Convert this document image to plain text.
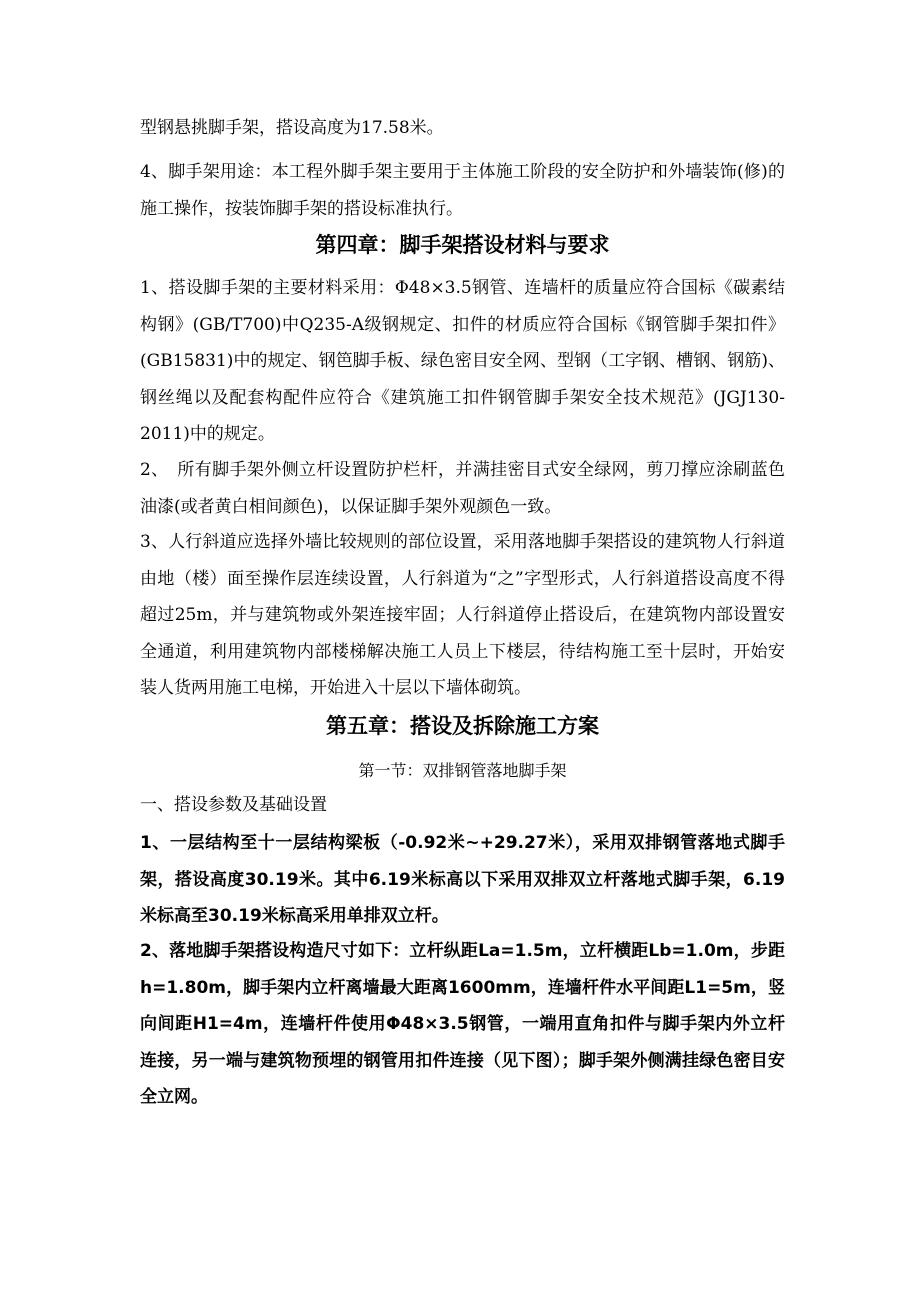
型钢悬挑脚手架，搭设高度为17.58米。

4、脚手架用途：本工程外脚手架主要用于主体施工阶段的安全防护和外墙装饰(修)的施工操作，按装饰脚手架的搭设标准执行。

第四章：脚手架搭设材料与要求

1、搭设脚手架的主要材料采用：Φ48×3.5钢管、连墙杆的质量应符合国标《碳素结构钢》(GB/T700)中Q235-A级钢规定、扣件的材质应符合国标《钢管脚手架扣件》(GB15831)中的规定、钢笆脚手板、绿色密目安全网、型钢（工字钢、槽钢、钢筋)、钢丝绳以及配套构配件应符合《建筑施工扣件钢管脚手架安全技术规范》(JGJ130-2011)中的规定。

2、　所有脚手架外侧立杆设置防护栏杆，并满挂密目式安全绿网，剪刀撑应涂刷蓝色油漆(或者黄白相间颜色)，以保证脚手架外观颜色一致。

3、人行斜道应选择外墙比较规则的部位设置，采用落地脚手架搭设的建筑物人行斜道由地（楼）面至操作层连续设置，人行斜道为“之”字型形式，人行斜道搭设高度不得超过25m，并与建筑物或外架连接牢固；人行斜道停止搭设后，在建筑物内部设置安全通道，利用建筑物内部楼梯解决施工人员上下楼层，待结构施工至十层时，开始安装人货两用施工电梯，开始进入十层以下墙体砌筑。

第五章：搭设及拆除施工方案
第一节：双排钢管落地脚手架

一、搭设参数及基础设置

1、一层结构至十一层结构梁板（-0.92米~+29.27米），采用双排钢管落地式脚手架，搭设高度30.19米。其中6.19米标高以下采用双排双立杆落地式脚手架，6.19米标高至30.19米标高采用单排双立杆。

2、落地脚手架搭设构造尺寸如下：立杆纵距La=1.5m，立杆横距Lb=1.0m，步距h=1.80m，脚手架内立杆离墙最大距离1600mm，连墙杆件水平间距L1=5m，竖向间距H1=4m，连墙杆件使用Φ48×3.5钢管，一端用直角扣件与脚手架内外立杆连接，另一端与建筑物预埋的钢管用扣件连接（见下图）；脚手架外侧满挂绿色密目安全立网。
